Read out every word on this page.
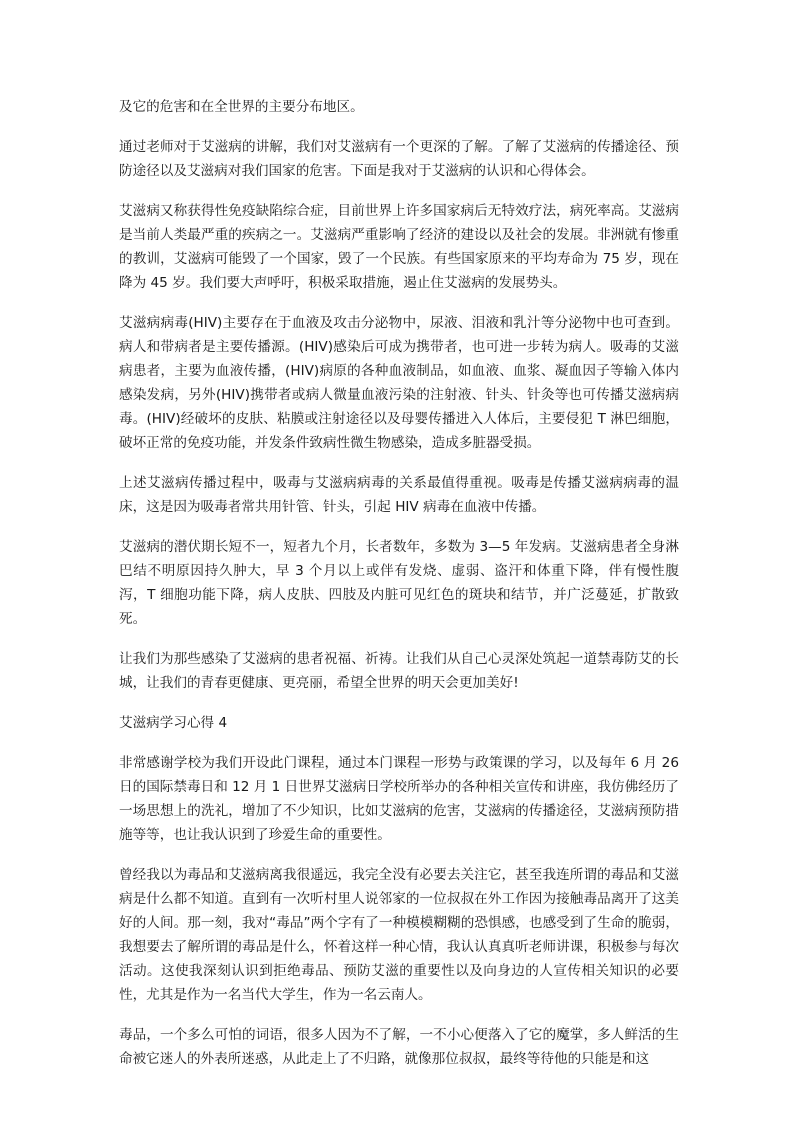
及它的危害和在全世界的主要分布地区。

通过老师对于艾滋病的讲解，我们对艾滋病有一个更深的了解。了解了艾滋病的传播途径、预防途径以及艾滋病对我们国家的危害。下面是我对于艾滋病的认识和心得体会。

艾滋病又称获得性免疫缺陷综合症，目前世界上许多国家病后无特效疗法，病死率高。艾滋病是当前人类最严重的疾病之一。艾滋病严重影响了经济的建设以及社会的发展。非洲就有惨重的教训，艾滋病可能毁了一个国家，毁了一个民族。有些国家原来的平均寿命为 75 岁，现在降为 45 岁。我们要大声呼吁，积极采取措施，遏止住艾滋病的发展势头。

艾滋病病毒(HIV)主要存在于血液及攻击分泌物中，尿液、泪液和乳汁等分泌物中也可查到。病人和带病者是主要传播源。(HIV)感染后可成为携带者，也可进一步转为病人。吸毒的艾滋病患者，主要为血液传播，(HIV)病原的各种血液制品，如血液、血浆、凝血因子等输入体内感染发病，另外(HIV)携带者或病人微量血液污染的注射液、针头、针灸等也可传播艾滋病病毒。(HIV)经破坏的皮肤、粘膜或注射途径以及母婴传播进入人体后，主要侵犯 T 淋巴细胞，破坏正常的免疫功能，并发条件致病性微生物感染，造成多脏器受损。

上述艾滋病传播过程中，吸毒与艾滋病病毒的关系最值得重视。吸毒是传播艾滋病病毒的温床，这是因为吸毒者常共用针管、针头，引起 HIV 病毒在血液中传播。

艾滋病的潜伏期长短不一，短者九个月，长者数年，多数为 3—5 年发病。艾滋病患者全身淋巴结不明原因持久肿大，早 3 个月以上或伴有发烧、虚弱、盗汗和体重下降，伴有慢性腹泻，T 细胞功能下降，病人皮肤、四肢及内脏可见红色的斑块和结节，并广泛蔓延，扩散致死。

让我们为那些感染了艾滋病的患者祝福、祈祷。让我们从自己心灵深处筑起一道禁毒防艾的长城，让我们的青春更健康、更亮丽，希望全世界的明天会更加美好!

艾滋病学习心得 4

非常感谢学校为我们开设此门课程，通过本门课程一形势与政策课的学习，以及每年 6 月 26 日的国际禁毒日和 12 月 1 日世界艾滋病日学校所举办的各种相关宣传和讲座，我仿佛经历了一场思想上的洗礼，增加了不少知识，比如艾滋病的危害，艾滋病的传播途径，艾滋病预防措施等等，也让我认识到了珍爱生命的重要性。

曾经我以为毒品和艾滋病离我很遥远，我完全没有必要去关注它，甚至我连所谓的毒品和艾滋病是什么都不知道。直到有一次听村里人说邻家的一位叔叔在外工作因为接触毒品离开了这美好的人间。那一刻，我对“毒品”两个字有了一种模模糊糊的恐惧感，也感受到了生命的脆弱，我想要去了解所谓的毒品是什么，怀着这样一种心情，我认认真真听老师讲课，积极参与每次活动。这使我深刻认识到拒绝毒品、预防艾滋的重要性以及向身边的人宣传相关知识的必要性，尤其是作为一名当代大学生，作为一名云南人。

毒品，一个多么可怕的词语，很多人因为不了解，一不小心便落入了它的魔掌，多人鲜活的生命被它迷人的外表所迷惑，从此走上了不归路，就像那位叔叔，最终等待他的只能是和这
